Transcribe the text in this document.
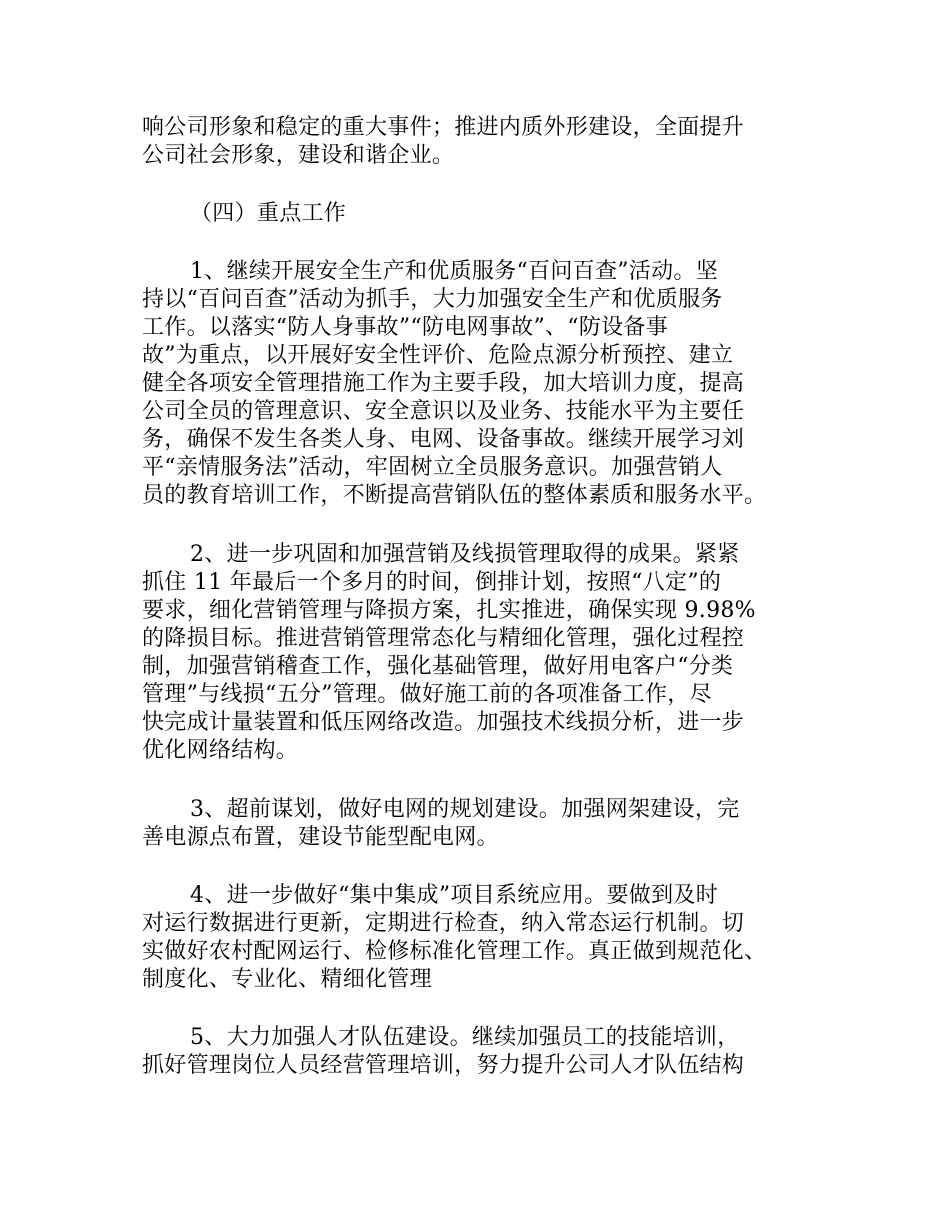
响公司形象和稳定的重大事件；推进内质外形建设，全面提升
公司社会形象，建设和谐企业。
（四）重点工作
1、继续开展安全生产和优质服务“百问百查”活动。坚
持以“百问百查”活动为抓手，大力加强安全生产和优质服务
工作。以落实“防人身事故”“防电网事故”、“防设备事
故”为重点，以开展好安全性评价、危险点源分析预控、建立
健全各项安全管理措施工作为主要手段，加大培训力度，提高
公司全员的管理意识、安全意识以及业务、技能水平为主要任
务，确保不发生各类人身、电网、设备事故。继续开展学习刘
平“亲情服务法”活动，牢固树立全员服务意识。加强营销人
员的教育培训工作，不断提高营销队伍的整体素质和服务水平。
2、进一步巩固和加强营销及线损管理取得的成果。紧紧
抓住 11 年最后一个多月的时间，倒排计划，按照“八定”的
要求，细化营销管理与降损方案，扎实推进，确保实现 9.98%
的降损目标。推进营销管理常态化与精细化管理，强化过程控
制，加强营销稽查工作，强化基础管理，做好用电客户“分类
管理”与线损“五分”管理。做好施工前的各项准备工作，尽
快完成计量装置和低压网络改造。加强技术线损分析，进一步
优化网络结构。
3、超前谋划，做好电网的规划建设。加强网架建设，完
善电源点布置，建设节能型配电网。
4、进一步做好“集中集成”项目系统应用。要做到及时
对运行数据进行更新，定期进行检查，纳入常态运行机制。切
实做好农村配网运行、检修标准化管理工作。真正做到规范化、
制度化、专业化、精细化管理
5、大力加强人才队伍建设。继续加强员工的技能培训，
抓好管理岗位人员经营管理培训，努力提升公司人才队伍结构
